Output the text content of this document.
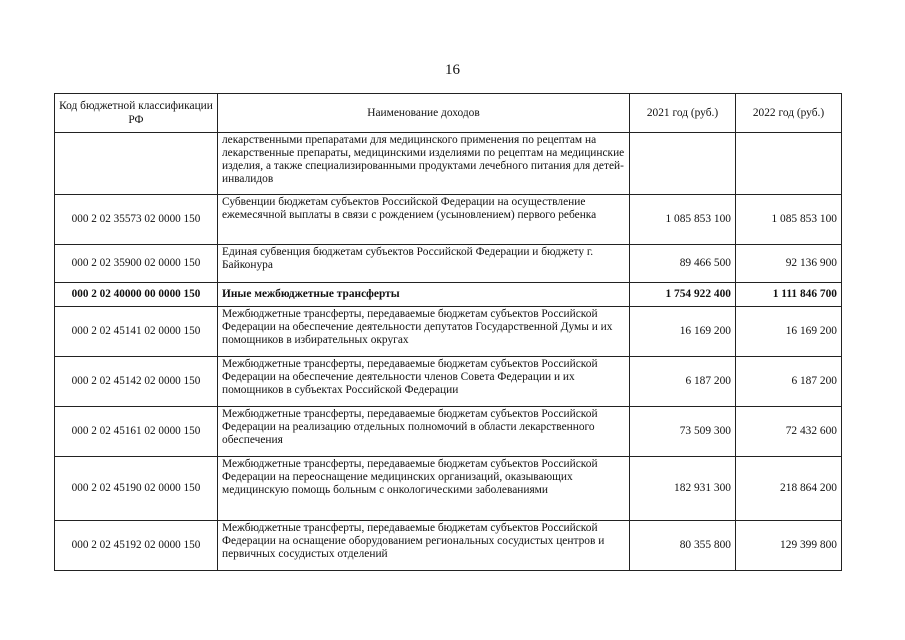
16
Код бюджетной классификации РФ	Наименование доходов	2021 год (руб.)	2022 год (руб.)
	лекарственными препаратами для медицинского применения по рецептам на лекарственные препараты, медицинскими изделиями по рецептам на медицинские изделия, а также специализированными продуктами лечебного питания для детей-инвалидов		
000 2 02 35573 02 0000 150	Субвенции бюджетам субъектов Российской Федерации на осуществление ежемесячной выплаты в связи с рождением (усыновлением) первого ребенка	1 085 853 100	1 085 853 100
000 2 02 35900 02 0000 150	Единая субвенция бюджетам субъектов Российской Федерации и бюджету г. Байконура	89 466 500	92 136 900
000 2 02 40000 00 0000 150	Иные межбюджетные трансферты	1 754 922 400	1 111 846 700
000 2 02 45141 02 0000 150	Межбюджетные трансферты, передаваемые бюджетам субъектов Российской Федерации на обеспечение деятельности депутатов Государственной Думы и их помощников в избирательных округах	16 169 200	16 169 200
000 2 02 45142 02 0000 150	Межбюджетные трансферты, передаваемые бюджетам субъектов Российской Федерации на обеспечение деятельности членов Совета Федерации и их помощников в субъектах Российской Федерации	6 187 200	6 187 200
000 2 02 45161 02 0000 150	Межбюджетные трансферты, передаваемые бюджетам субъектов Российской Федерации на реализацию отдельных полномочий в области лекарственного обеспечения	73 509 300	72 432 600
000 2 02 45190 02 0000 150	Межбюджетные трансферты, передаваемые бюджетам субъектов Российской Федерации на переоснащение медицинских организаций, оказывающих медицинскую помощь больным с онкологическими заболеваниями	182 931 300	218 864 200
000 2 02 45192 02 0000 150	Межбюджетные трансферты, передаваемые бюджетам субъектов Российской Федерации на оснащение оборудованием региональных сосудистых центров и первичных сосудистых отделений	80 355 800	129 399 800
